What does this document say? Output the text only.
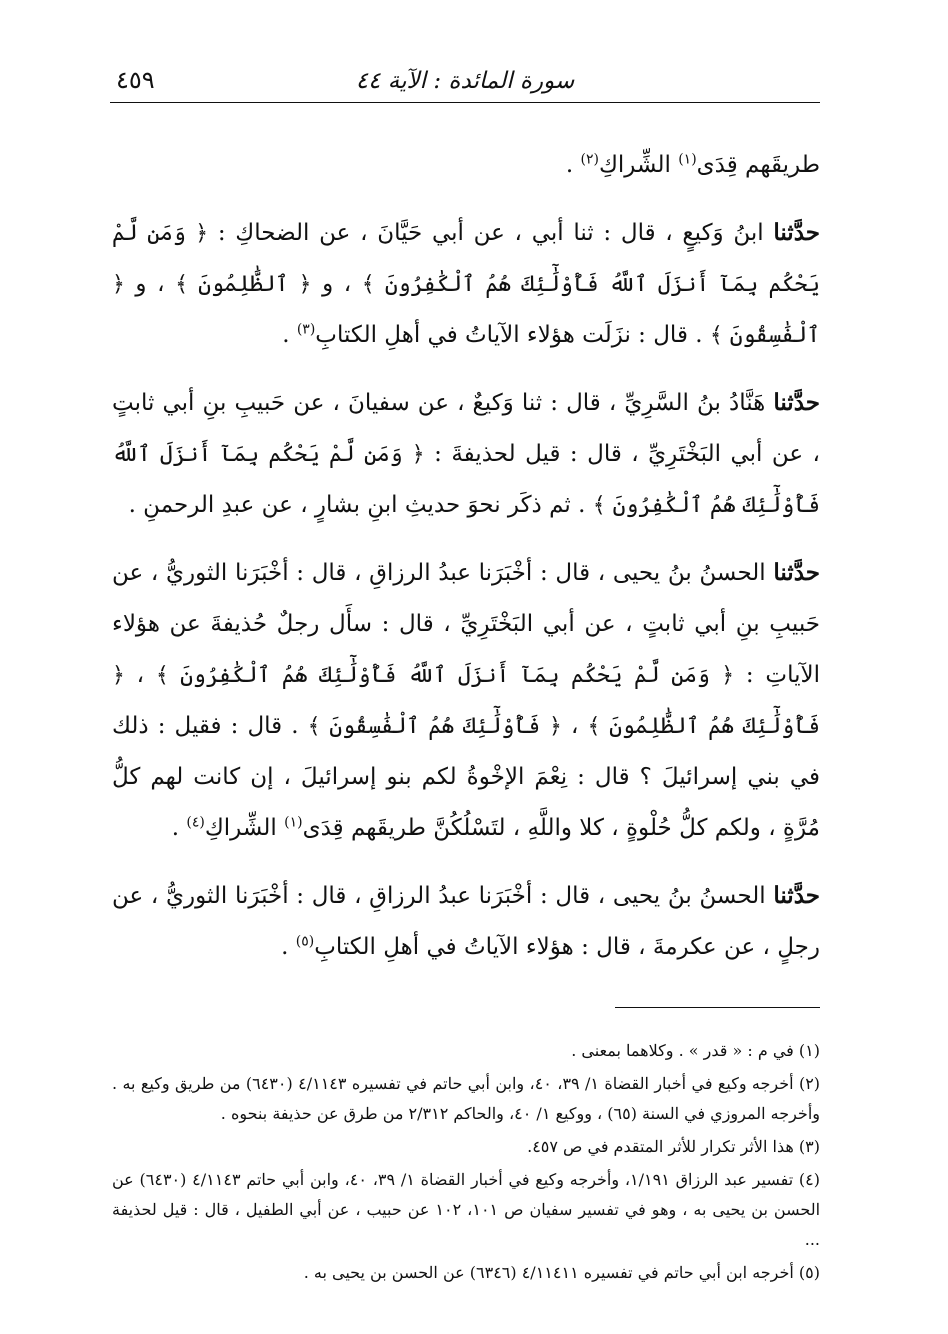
سورة المائدة : الآية ٤٤
٤٥٩

طريقَهم قِدَى$^{(١)}$ الشِّراكِ$^{(٢)}$ .

حدَّثنا ابنُ وَكيعٍ ، قال : ثنا أبي ، عن أبي حَيَّانَ ، عن الضحاكِ : ﴿ وَمَن لَّمْ يَحْكُم بِمَآ أَنزَلَ ٱللَّهُ فَأُوْلَٰٓئِكَ هُمُ ٱلْكَٰفِرُونَ ﴾ ، و ﴿ ٱلظَّٰلِمُونَ ﴾ ، و ﴿ ٱلْفَٰسِقُونَ ﴾ . قال : نزَلَت هؤلاء الآياتُ في أهلِ الكتابِ$^{(٣)}$ .

حدَّثنا هَنَّادُ بنُ السَّرِيِّ ، قال : ثنا وَكيعٌ ، عن سفيانَ ، عن حَبيبِ بنِ أبي ثابتٍ ، عن أبي البَخْتَرِيِّ ، قال : قيل لحذيفةَ : ﴿ وَمَن لَّمْ يَحْكُم بِمَآ أَنزَلَ ٱللَّهُ فَأُوْلَٰٓئِكَ هُمُ ٱلْكَٰفِرُونَ ﴾ . ثم ذكَر نحوَ حديثِ ابنِ بشارٍ ، عن عبدِ الرحمنِ .

حدَّثنا الحسنُ بنُ يحيى ، قال : أخْبَرَنا عبدُ الرزاقِ ، قال : أخْبَرَنا الثوريُّ ، عن حَبيبِ بنِ أبي ثابتٍ ، عن أبي البَخْتَرِيِّ ، قال : سأَل رجلٌ حُذيفةَ عن هؤلاء الآياتِ : ﴿ وَمَن لَّمْ يَحْكُم بِمَآ أَنزَلَ ٱللَّهُ فَأُوْلَٰٓئِكَ هُمُ ٱلْكَٰفِرُونَ ﴾ ، ﴿ فَأُوْلَٰٓئِكَ هُمُ ٱلظَّٰلِمُونَ ﴾ ، ﴿ فَأُوْلَٰٓئِكَ هُمُ ٱلْفَٰسِقُونَ ﴾ . قال : فقيل : ذلك في بني إسرائيلَ ؟ قال : نِعْمَ الإخْوةُ لكم بنو إسرائيلَ ، إن كانت لهم كلُّ مُرَّةٍ ، ولكم كلُّ حُلْوةٍ ، كلا واللَّهِ ، لتَسْلُكُنَّ طريقَهم قِدَى$^{(١)}$ الشِّراكِ$^{(٤)}$ .

حدَّثنا الحسنُ بنُ يحيى ، قال : أخْبَرَنا عبدُ الرزاقِ ، قال : أخْبَرَنا الثوريُّ ، عن رجلٍ ، عن عكرمةَ ، قال : هؤلاء الآياتُ في أهلِ الكتابِ$^{(٥)}$ .

(١) في م : « قدر » . وكلاهما بمعنى .

(٢) أخرجه وكيع في أخبار القضاة ١/ ٣٩، ٤٠، وابن أبي حاتم في تفسيره ٤/١١٤٣ (٦٤٣٠) من طريق وكيع به . وأخرجه المروزي في السنة (٦٥) ، ووكيع ١/ ٤٠، والحاكم ٢/٣١٢ من طرق عن حذيفة بنحوه .

(٣) هذا الأثر تكرار للأثر المتقدم في ص ٤٥٧.

(٤) تفسير عبد الرزاق ١/١٩١، وأخرجه وكيع في أخبار القضاة ١/ ٣٩، ٤٠، وابن أبي حاتم ٤/١١٤٣ (٦٤٣٠) عن الحسن بن يحيى به ، وهو في تفسير سفيان ص ١٠١، ١٠٢ عن حبيب ، عن أبي الطفيل ، قال : قيل لحذيفة ...

(٥) أخرجه ابن أبي حاتم في تفسيره ٤/١١٤١١ (٦٣٤٦) عن الحسن بن يحيى به .
